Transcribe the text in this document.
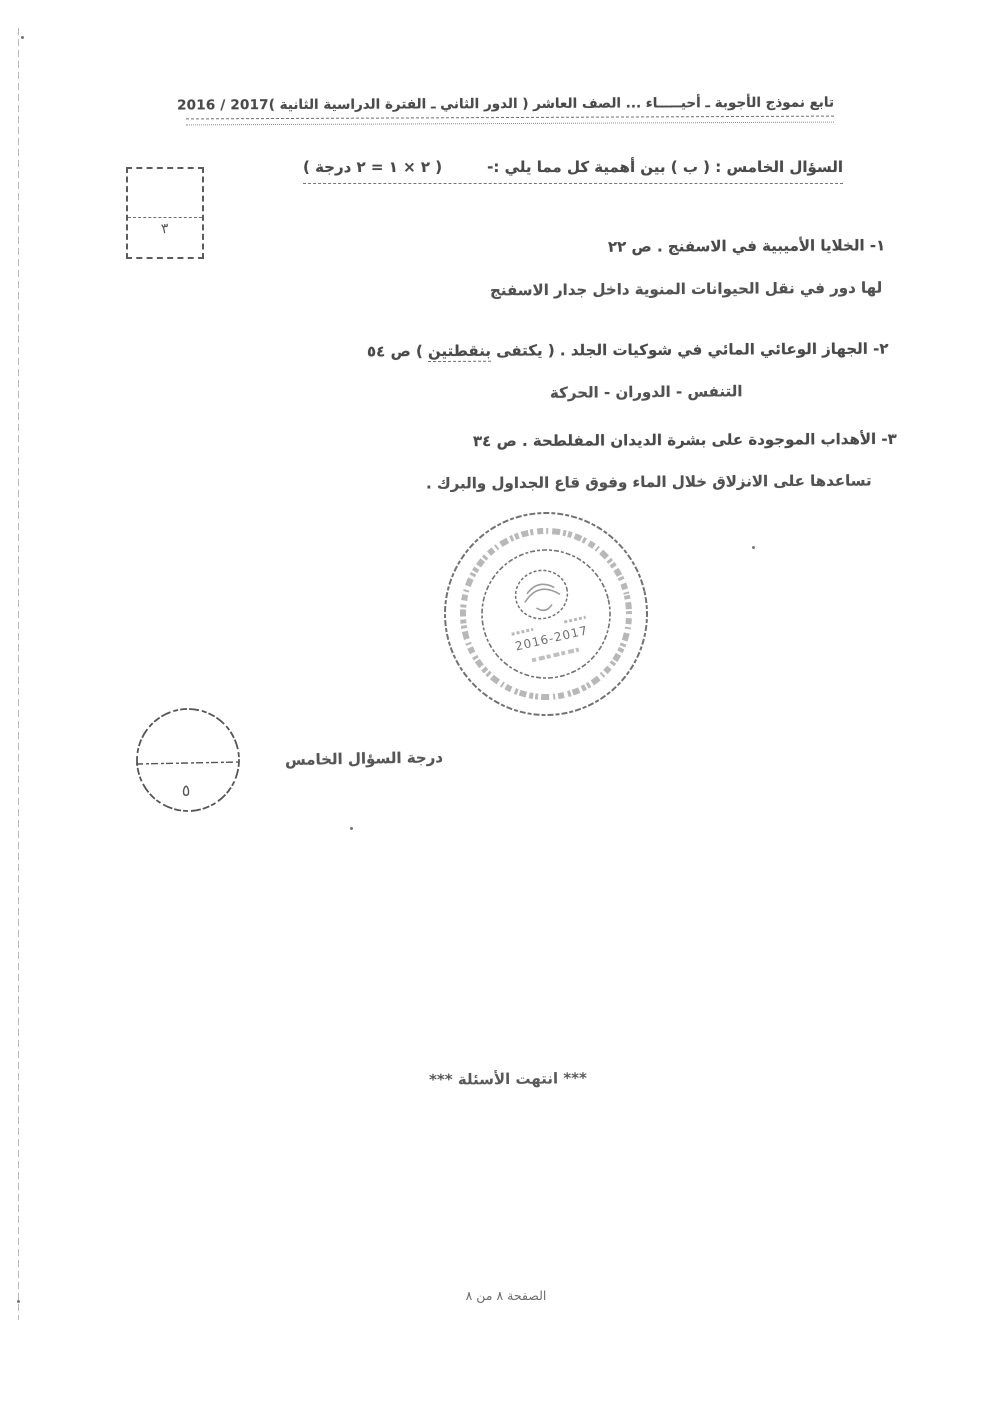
تابع نموذج الأجوبة ـ أحيـــــاء ... الصف العاشر ( الدور الثاني ـ الفترة الدراسية الثانية )
2017 / 2016
٣
السؤال الخامس : ( ب ) بين أهمية كل مما يلي :-
( ٢ × ١ = ٢ درجة )
١- الخلايا الأميبية في الاسفنج . ص ٢٢
لها دور في نقل الحيوانات المنوية داخل جدار الاسفنج
٢- الجهاز الوعائي المائي في شوكيات الجلد . ( يكتفى بنقطتين ) ص ٥٤
التنفس - الدوران - الحركة
٣- الأهداب الموجودة على بشرة الديدان المفلطحة . ص ٣٤
تساعدها على الانزلاق خلال الماء وفوق قاع الجداول والبرك .
2016-2017
٥
درجة السؤال الخامس
*** انتهت الأسئلة ***
الصفحة ٨ من ٨
